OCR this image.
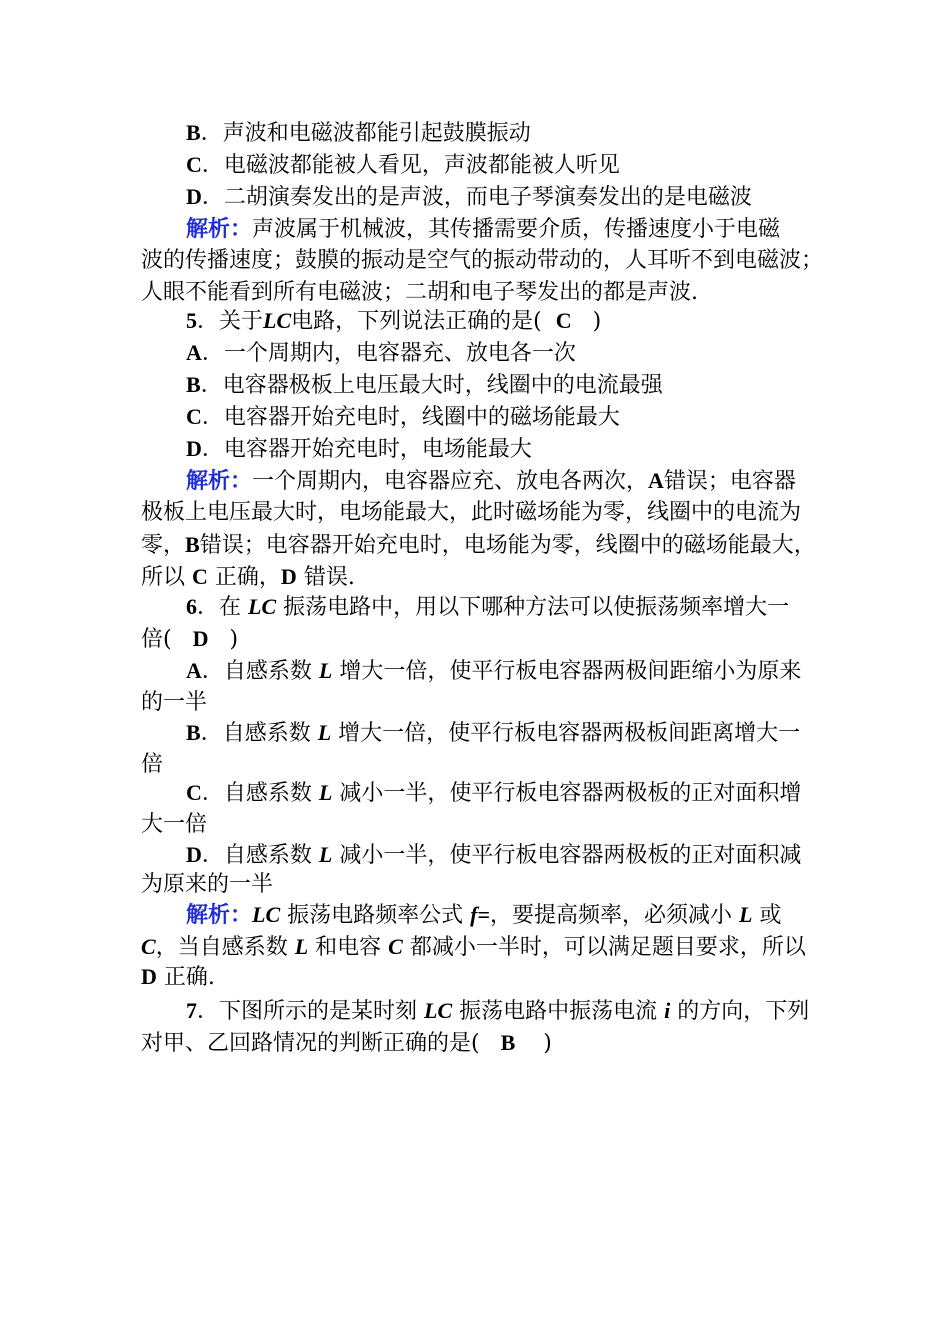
B．声波和电磁波都能引起鼓膜振动
C．电磁波都能被人看见，声波都能被人听见
D．二胡演奏发出的是声波，而电子琴演奏发出的是电磁波
解析：声波属于机械波，其传播需要介质，传播速度小于电磁
波的传播速度；鼓膜的振动是空气的振动带动的，人耳听不到电磁波；
人眼不能看到所有电磁波；二胡和电子琴发出的都是声波.
5．关于LC电路，下列说法正确的是( C )
A．一个周期内，电容器充、放电各一次
B．电容器极板上电压最大时，线圈中的电流最强
C．电容器开始充电时，线圈中的磁场能最大
D．电容器开始充电时，电场能最大
解析：一个周期内，电容器应充、放电各两次，A错误；电容器
极板上电压最大时，电场能最大，此时磁场能为零，线圈中的电流为
零，B错误；电容器开始充电时，电场能为零，线圈中的磁场能最大，
所以 C 正确，D 错误.
6．在 LC 振荡电路中，用以下哪种方法可以使振荡频率增大一
倍( D )
A．自感系数 L 增大一倍，使平行板电容器两极间距缩小为原来
的一半
B．自感系数 L 增大一倍，使平行板电容器两极板间距离增大一
倍
C．自感系数 L 减小一半，使平行板电容器两极板的正对面积增
大一倍
D．自感系数 L 减小一半，使平行板电容器两极板的正对面积减
为原来的一半
解析：LC 振荡电路频率公式 f=，要提高频率，必须减小 L 或
C，当自感系数 L 和电容 C 都减小一半时，可以满足题目要求，所以
D 正确.
7．下图所示的是某时刻 LC 振荡电路中振荡电流 i 的方向，下列
对甲、乙回路情况的判断正确的是( B )
